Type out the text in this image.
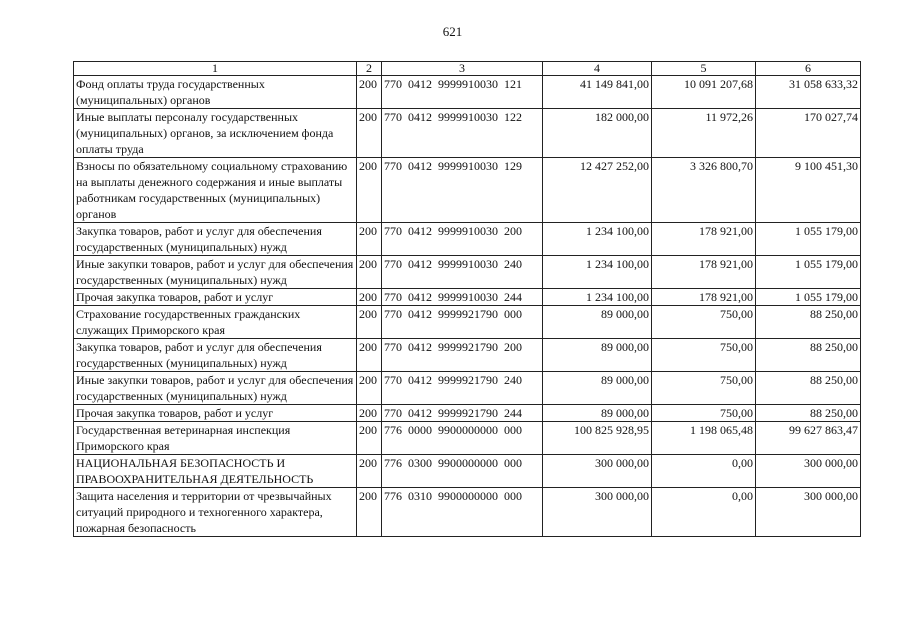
621
1	2	3	4	5	6
Фонд оплаты труда государственных (муниципальных) органов	200	770  0412  9999910030  121	41 149 841,00	10 091 207,68	31 058 633,32
Иные выплаты персоналу государственных (муниципальных) органов, за исключением фонда оплаты труда	200	770  0412  9999910030  122	182 000,00	11 972,26	170 027,74
Взносы по обязательному социальному страхованию на выплаты денежного содержания и иные выплаты работникам государственных (муниципальных) органов	200	770  0412  9999910030  129	12 427 252,00	3 326 800,70	9 100 451,30
Закупка товаров, работ и услуг для обеспечения государственных (муниципальных) нужд	200	770  0412  9999910030  200	1 234 100,00	178 921,00	1 055 179,00
Иные закупки товаров, работ и услуг для обеспечения государственных (муниципальных) нужд	200	770  0412  9999910030  240	1 234 100,00	178 921,00	1 055 179,00
Прочая закупка товаров, работ и услуг	200	770  0412  9999910030  244	1 234 100,00	178 921,00	1 055 179,00
Страхование государственных гражданских служащих Приморского края	200	770  0412  9999921790  000	89 000,00	750,00	88 250,00
Закупка товаров, работ и услуг для обеспечения государственных (муниципальных) нужд	200	770  0412  9999921790  200	89 000,00	750,00	88 250,00
Иные закупки товаров, работ и услуг для обеспечения государственных (муниципальных) нужд	200	770  0412  9999921790  240	89 000,00	750,00	88 250,00
Прочая закупка товаров, работ и услуг	200	770  0412  9999921790  244	89 000,00	750,00	88 250,00
Государственная ветеринарная инспекция Приморского края	200	776  0000  9900000000  000	100 825 928,95	1 198 065,48	99 627 863,47
НАЦИОНАЛЬНАЯ БЕЗОПАСНОСТЬ И ПРАВООХРАНИТЕЛЬНАЯ ДЕЯТЕЛЬНОСТЬ	200	776  0300  9900000000  000	300 000,00	0,00	300 000,00
Защита населения и территории от чрезвычайных ситуаций природного и техногенного характера, пожарная безопасность	200	776  0310  9900000000  000	300 000,00	0,00	300 000,00
